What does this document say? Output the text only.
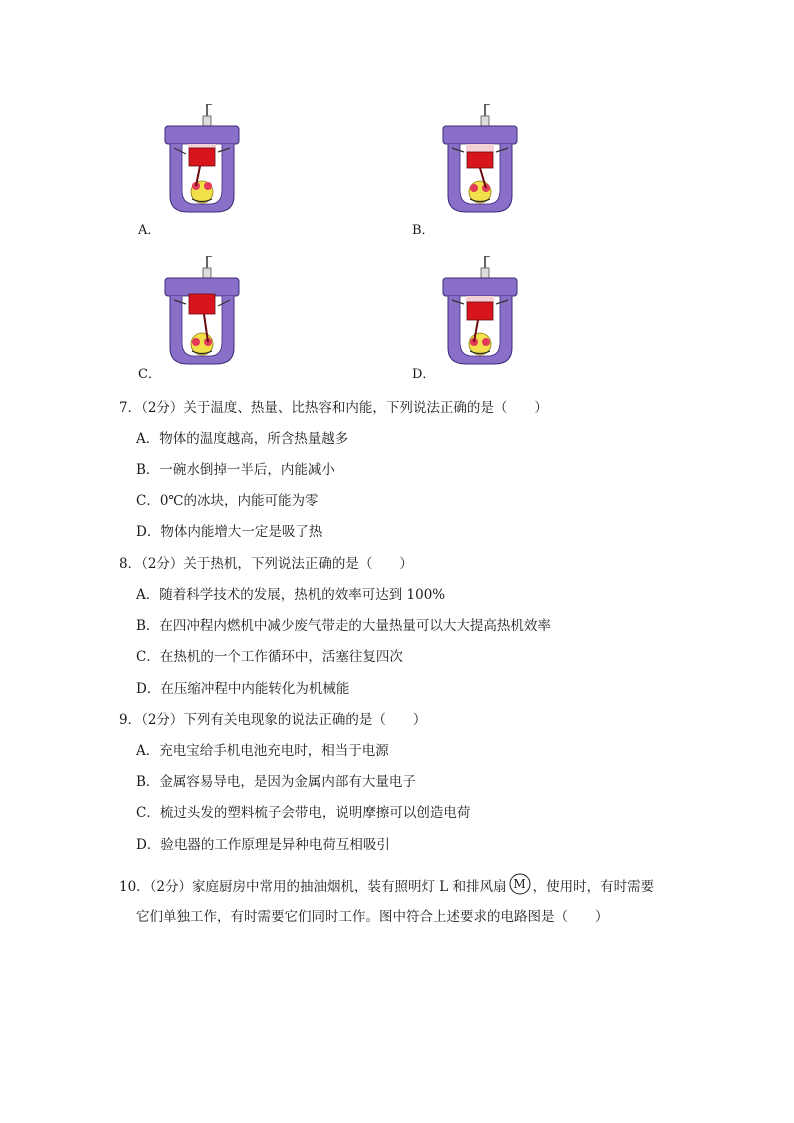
A．	B．
C．	D．
7．（2分）关于温度、热量、比热容和内能，下列说法正确的是（　　）
A．物体的温度越高，所含热量越多
B．一碗水倒掉一半后，内能减小
C．0℃的冰块，内能可能为零
D．物体内能增大一定是吸了热
8．（2分）关于热机，下列说法正确的是（　　）
A．随着科学技术的发展，热机的效率可达到 100%
B．在四冲程内燃机中减少废气带走的大量热量可以大大提高热机效率
C．在热机的一个工作循环中，活塞往复四次
D．在压缩冲程中内能转化为机械能
9．（2分）下列有关电现象的说法正确的是（　　）
A．充电宝给手机电池充电时，相当于电源
B．金属容易导电，是因为金属内部有大量电子
C．梳过头发的塑料梳子会带电，说明摩擦可以创造电荷
D．验电器的工作原理是异种电荷互相吸引
10．（2分）家庭厨房中常用的抽油烟机，装有照明灯 L 和排风扇 M ，使用时，有时需要
它们单独工作，有时需要它们同时工作。图中符合上述要求的电路图是（　　）
